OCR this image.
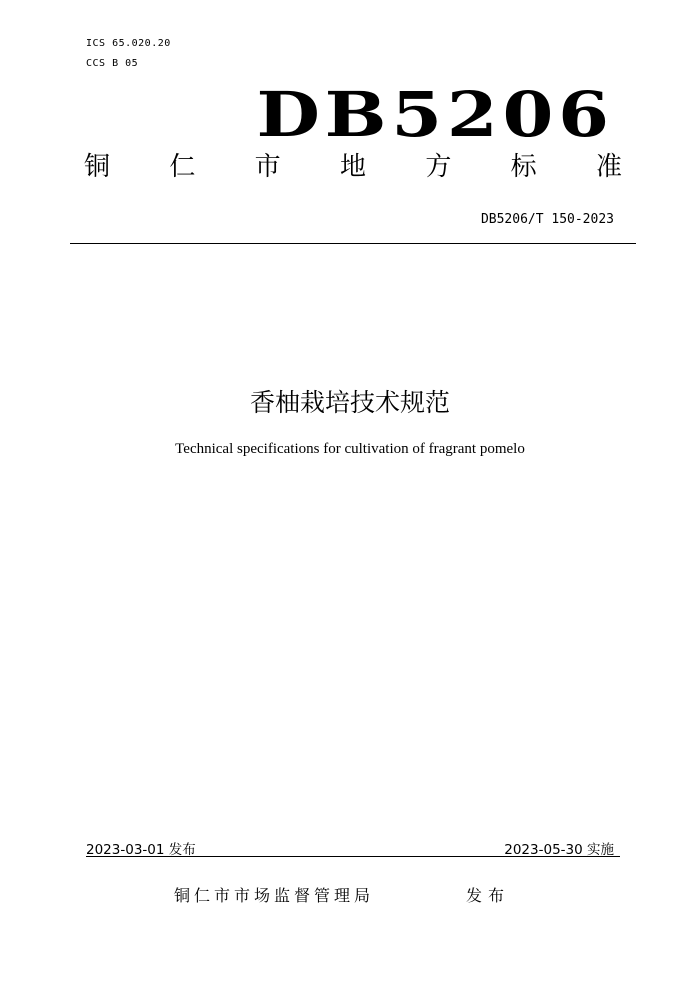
ICS 65.020.20
CCS B 05
DB5206
铜 仁 市 地 方 标 准
DB5206/T 150-2023
香柚栽培技术规范
Technical specifications for cultivation of fragrant pomelo
2023-03-01 发布	2023-05-30 实施
铜仁市市场监督管理局	发布
